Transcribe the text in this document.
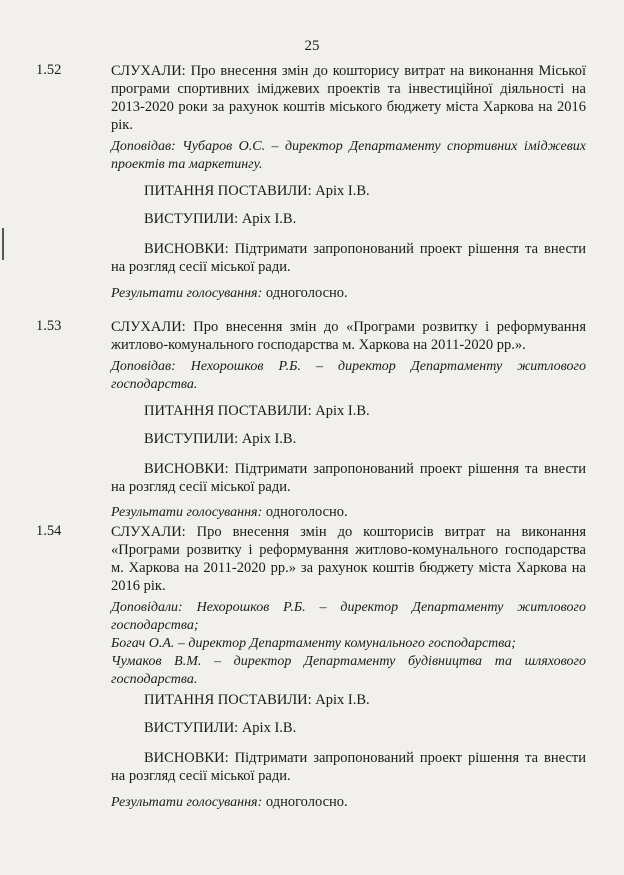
25
1.52	СЛУХАЛИ: Про внесення змін до кошторису витрат на виконання Міської програми спортивних іміджевих проектів та інвестиційної діяльності на 2013-2020 роки за рахунок коштів міського бюджету міста Харкова на 2016 рік.
Доповідав: Чубаров О.С. – директор Департаменту спортивних іміджевих проектів та маркетингу.
ПИТАННЯ ПОСТАВИЛИ: Аріх І.В.
ВИСТУПИЛИ: Аріх І.В.
ВИСНОВКИ: Підтримати запропонований проект рішення та внести на розгляд сесії міської ради.
Результати голосування: одноголосно.
1.53	СЛУХАЛИ: Про внесення змін до «Програми розвитку і реформування житлово-комунального господарства м. Харкова на 2011-2020 рр.».
Доповідав: Нехорошков Р.Б. – директор Департаменту житлового господарства.
ПИТАННЯ ПОСТАВИЛИ: Аріх І.В.
ВИСТУПИЛИ: Аріх І.В.
ВИСНОВКИ: Підтримати запропонований проект рішення та внести на розгляд сесії міської ради.
Результати голосування: одноголосно.
1.54	СЛУХАЛИ: Про внесення змін до кошторисів витрат на виконання «Програми розвитку і реформування житлово-комунального господарства м. Харкова на 2011-2020 рр.» за рахунок коштів бюджету міста Харкова на 2016 рік.
Доповідали: Нехорошков Р.Б. – директор Департаменту житлового господарства;
Богач О.А. – директор Департаменту комунального господарства;
Чумаков В.М. – директор Департаменту будівництва та шляхового господарства.
ПИТАННЯ ПОСТАВИЛИ: Аріх І.В.
ВИСТУПИЛИ: Аріх І.В.
ВИСНОВКИ: Підтримати запропонований проект рішення та внести на розгляд сесії міської ради.
Результати голосування: одноголосно.
